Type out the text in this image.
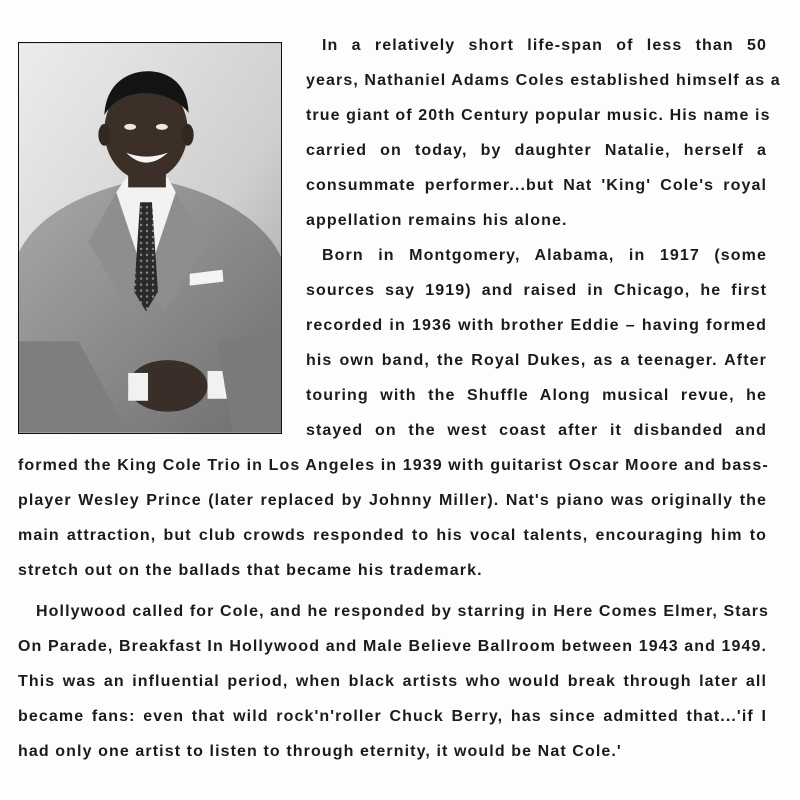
In a relatively short life-span of less than 50
years, Nathaniel Adams Coles established himself as a
true giant of 20th Century popular music. His name is
carried on today, by daughter Natalie, herself a
consummate performer...but Nat 'King' Cole's royal
appellation remains his alone.
Born in Montgomery, Alabama, in 1917 (some
sources say 1919) and raised in Chicago, he first
recorded in 1936 with brother Eddie – having formed
his own band, the Royal Dukes, as a teenager. After
touring with the Shuffle Along musical revue, he
stayed on the west coast after it disbanded and
formed the King Cole Trio in Los Angeles in 1939 with guitarist Oscar Moore and bass-
player Wesley Prince (later replaced by Johnny Miller). Nat's piano was originally the
main attraction, but club crowds responded to his vocal talents, encouraging him to
stretch out on the ballads that became his trademark.
Hollywood called for Cole, and he responded by starring in Here Comes Elmer, Stars
On Parade, Breakfast In Hollywood and Male Believe Ballroom between 1943 and 1949.
This was an influential period, when black artists who would break through later all
became fans: even that wild rock'n'roller Chuck Berry, has since admitted that...'if I
had only one artist to listen to through eternity, it would be Nat Cole.'
